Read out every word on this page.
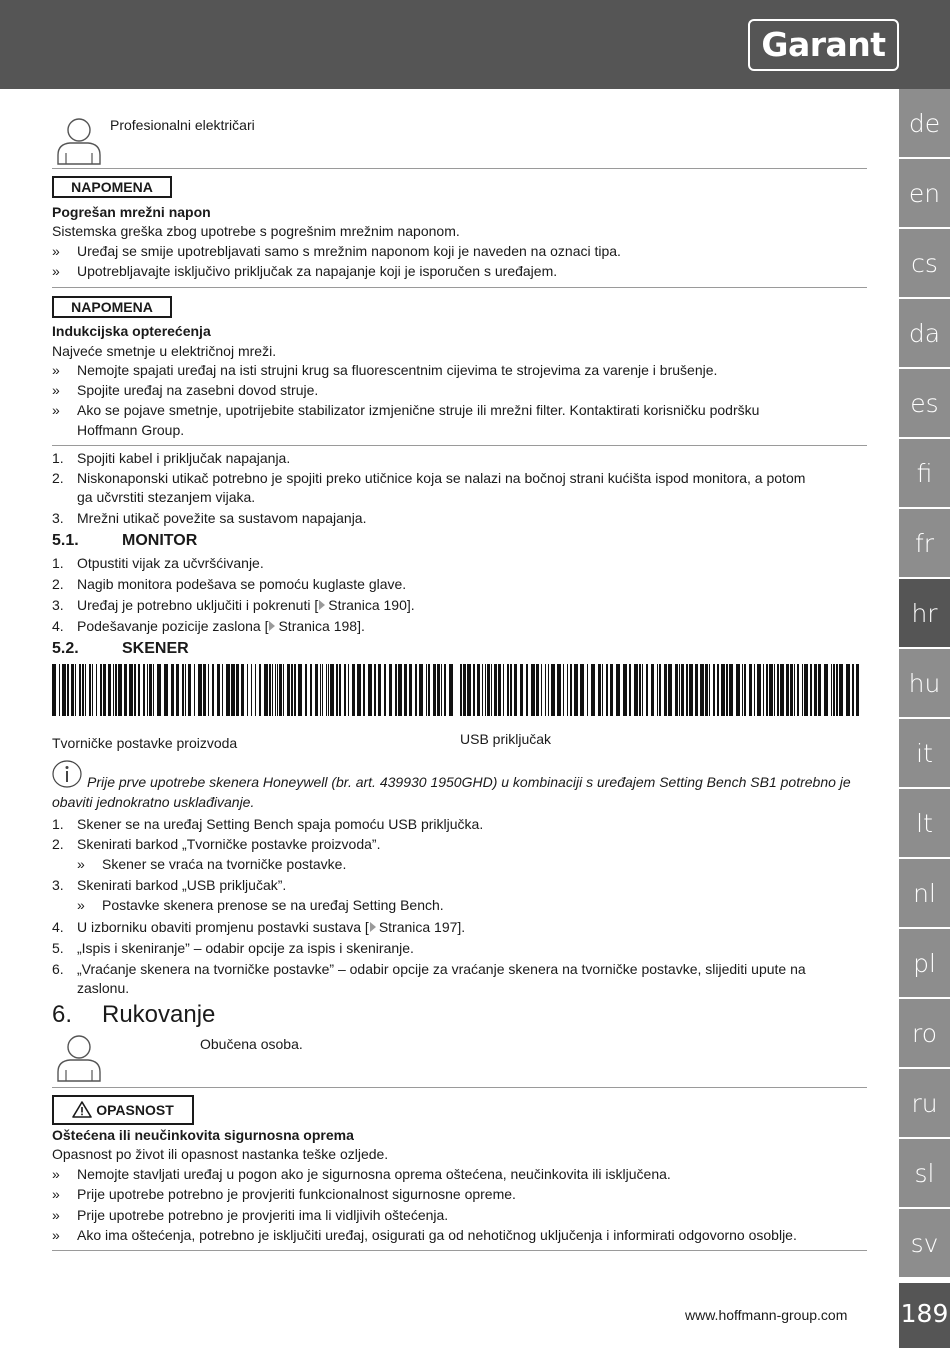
Garant
de
en
cs
da
es
fi
fr
hr
hu
it
lt
nl
pl
ro
ru
sl
sv
189
Profesionalni električari
NAPOMENA
Pogrešan mrežni napon
Sistemska greška zbog upotrebe s pogrešnim mrežnim naponom.
» Uređaj se smije upotrebljavati samo s mrežnim naponom koji je naveden na oznaci tipa.
» Upotrebljavajte isključivo priključak za napajanje koji je isporučen s uređajem.
NAPOMENA
Indukcijska opterećenja
Najveće smetnje u električnoj mreži.
» Nemojte spajati uređaj na isti strujni krug sa fluorescentnim cijevima te strojevima za varenje i brušenje.
» Spojite uređaj na zasebni dovod struje.
» Ako se pojave smetnje, upotrijebite stabilizator izmjenične struje ili mrežni filter. Kontaktirati korisničku podršku
Hoffmann Group.
1. Spojiti kabel i priključak napajanja.
2. Niskonaponski utikač potrebno je spojiti preko utičnice koja se nalazi na bočnoj strani kućišta ispod monitora, a potom
ga učvrstiti stezanjem vijaka.
3. Mrežni utikač povežite sa sustavom napajanja.
5.1.	MONITOR
1. Otpustiti vijak za učvršćivanje.
2. Nagib monitora podešava se pomoću kuglaste glave.
3. Uređaj je potrebno uključiti i pokrenuti [ Stranica 190].
4. Podešavanje pozicije zaslona [ Stranica 198].
5.2.	SKENER
Tvorničke postavke proizvoda	USB priključak
Prije prve upotrebe skenera Honeywell (br. art. 439930 1950GHD) u kombinaciji s uređajem Setting Bench SB1 potrebno je
obaviti jednokratno usklađivanje.
1. Skener se na uređaj Setting Bench spaja pomoću USB priključka.
2. Skenirati barkod „Tvorničke postavke proizvoda”.
» Skener se vraća na tvorničke postavke.
3. Skenirati barkod „USB priključak”.
» Postavke skenera prenose se na uređaj Setting Bench.
4. U izborniku obaviti promjenu postavki sustava [ Stranica 197].
5. „Ispis i skeniranje” – odabir opcije za ispis i skeniranje.
6. „Vraćanje skenera na tvorničke postavke” – odabir opcije za vraćanje skenera na tvorničke postavke, slijediti upute na
zaslonu.
6. Rukovanje
Obučena osoba.
OPASNOST
Oštećena ili neučinkovita sigurnosna oprema
Opasnost po život ili opasnost nastanka teške ozljede.
» Nemojte stavljati uređaj u pogon ako je sigurnosna oprema oštećena, neučinkovita ili isključena.
» Prije upotrebe potrebno je provjeriti funkcionalnost sigurnosne opreme.
» Prije upotrebe potrebno je provjeriti ima li vidljivih oštećenja.
» Ako ima oštećenja, potrebno je isključiti uređaj, osigurati ga od nehotičnog uključenja i informirati odgovorno osoblje.
www.hoffmann-group.com
